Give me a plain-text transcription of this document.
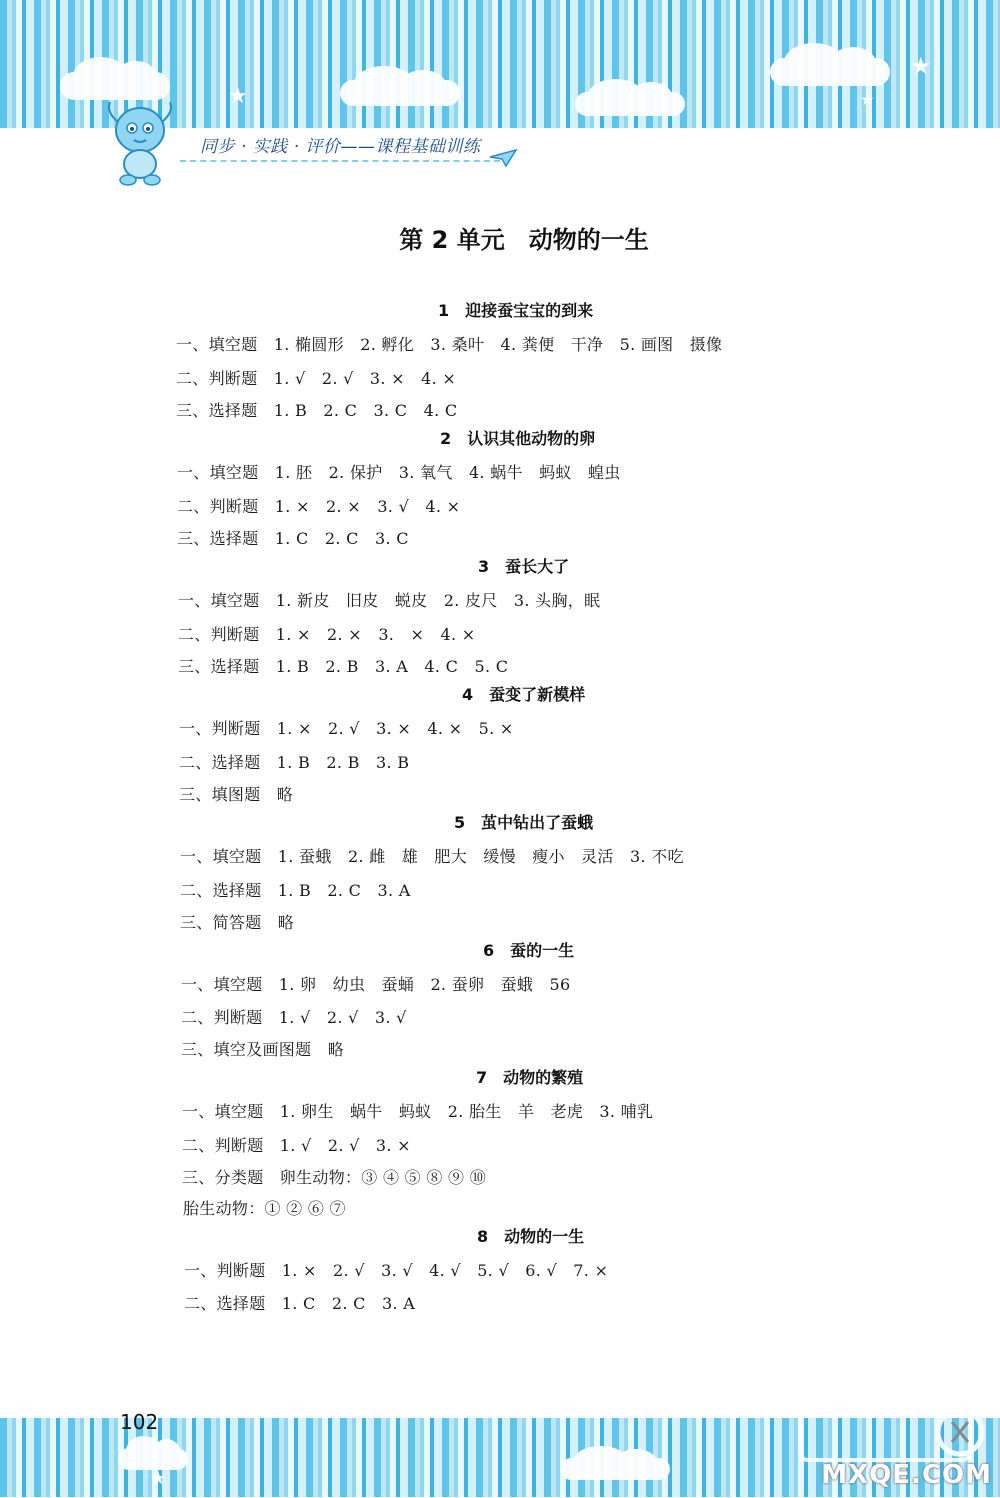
★
★
★
同步 · 实践 · 评价——课程基础训练
第 2 单元　动物的一生
1　迎接蚕宝宝的到来
一、填空题　1. 椭圆形　2. 孵化　3. 桑叶　4. 粪便　干净　5. 画图　摄像
二、判断题　1. √　2. √　3. ×　4. ×
三、选择题　1. B　2. C　3. C　4. C
2　认识其他动物的卵
一、填空题　1. 胚　2. 保护　3. 氧气　4. 蜗牛　蚂蚁　蝗虫
二、判断题　1. ×　2. ×　3. √　4. ×
三、选择题　1. C　2. C　3. C
3　蚕长大了
一、填空题　1. 新皮　旧皮　蜕皮　2. 皮尺　3. 头胸，眠
二、判断题　1. ×　2. ×　3.　×　4. ×
三、选择题　1. B　2. B　3. A　4. C　5. C
4　蚕变了新模样
一、判断题　1. ×　2. √　3. ×　4. ×　5. ×
二、选择题　1. B　2. B　3. B
三、填图题　略
5　茧中钻出了蚕蛾
一、填空题　1. 蚕蛾　2. 雌　雄　肥大　缓慢　瘦小　灵活　3. 不吃
二、选择题　1. B　2. C　3. A
三、简答题　略
6　蚕的一生
一、填空题　1. 卵　幼虫　蚕蛹　2. 蚕卵　蚕蛾　56
二、判断题　1. √　2. √　3. √
三、填空及画图题　略
7　动物的繁殖
一、填空题　1. 卵生　蜗牛　蚂蚁　2. 胎生　羊　老虎　3. 哺乳
二、判断题　1. √　2. √　3. ×
三、分类题　卵生动物：③ ④ ⑤ ⑧ ⑨ ⑩
胎生动物：① ② ⑥ ⑦
8　动物的一生
一、判断题　1. ×　2. √　3. √　4. √　5. √　6. √　7. ×
二、选择题　1. C　2. C　3. A
★
102
MXQE.COM
